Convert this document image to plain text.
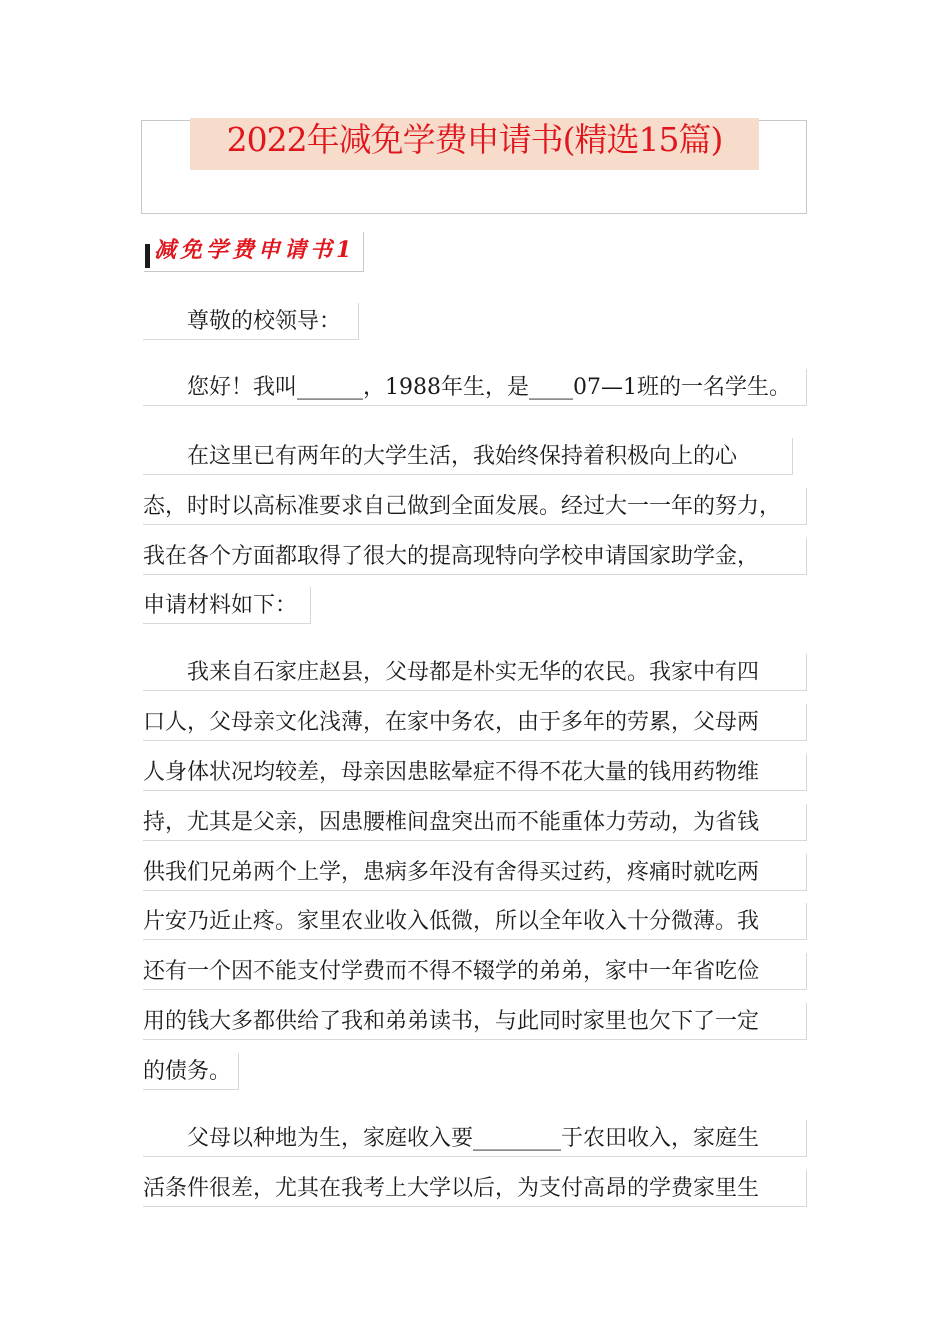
2022年减免学费申请书(精选15篇)
减免学费申请书1
　　尊敬的校领导：
　　您好！我叫______，1988年生，是____07—1班的一名学生。
　　在这里已有两年的大学生活，我始终保持着积极向上的心
态，时时以高标准要求自己做到全面发展。经过大一一年的努力，
我在各个方面都取得了很大的提高现特向学校申请国家助学金，
申请材料如下：
　　我来自石家庄赵县，父母都是朴实无华的农民。我家中有四
口人，父母亲文化浅薄，在家中务农，由于多年的劳累，父母两
人身体状况均较差，母亲因患眩晕症不得不花大量的钱用药物维
持，尤其是父亲，因患腰椎间盘突出而不能重体力劳动，为省钱
供我们兄弟两个上学，患病多年没有舍得买过药，疼痛时就吃两
片安乃近止疼。家里农业收入低微，所以全年收入十分微薄。我
还有一个因不能支付学费而不得不辍学的弟弟，家中一年省吃俭
用的钱大多都供给了我和弟弟读书，与此同时家里也欠下了一定
的债务。
　　父母以种地为生，家庭收入要________于农田收入，家庭生
活条件很差，尤其在我考上大学以后，为支付高昂的学费家里生
